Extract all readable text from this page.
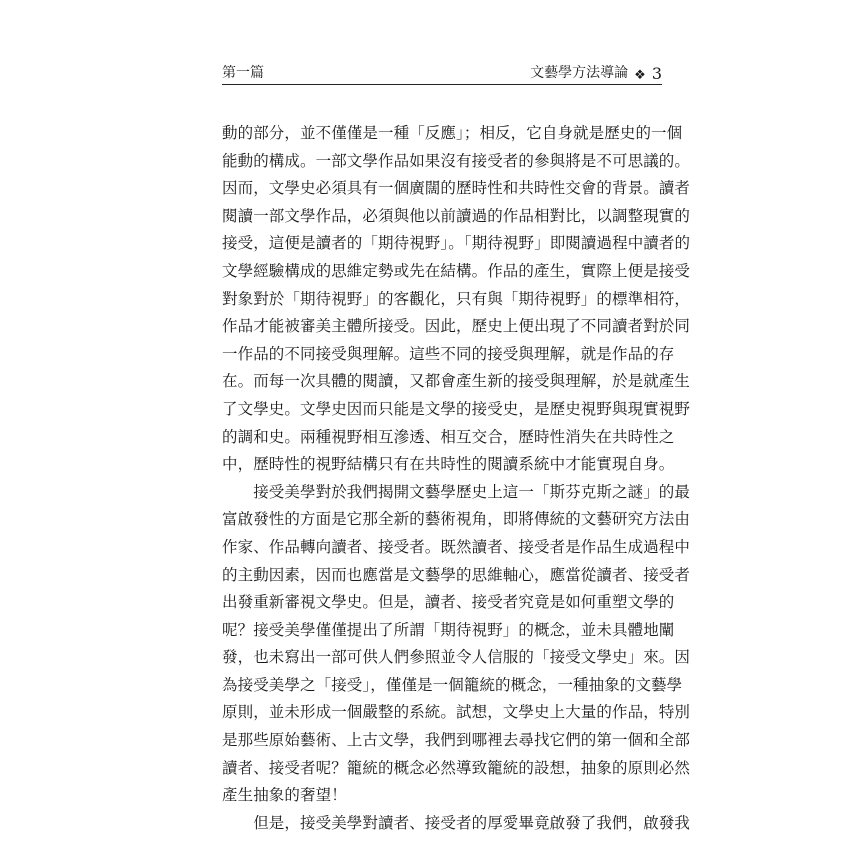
第一篇	文藝學方法導論 ❖ 3
動的部分，並不僅僅是一種「反應」；相反，它自身就是歷史的一個
能動的構成。一部文學作品如果沒有接受者的參與將是不可思議的。
因而，文學史必須具有一個廣闊的歷時性和共時性交會的背景。讀者
閱讀一部文學作品，必須與他以前讀過的作品相對比，以調整現實的
接受，這便是讀者的「期待視野」。「期待視野」即閱讀過程中讀者的
文學經驗構成的思維定勢或先在結構。作品的產生，實際上便是接受
對象對於「期待視野」的客觀化，只有與「期待視野」的標準相符，
作品才能被審美主體所接受。因此，歷史上便出現了不同讀者對於同
一作品的不同接受與理解。這些不同的接受與理解，就是作品的存
在。而每一次具體的閱讀，又都會產生新的接受與理解，於是就產生
了文學史。文學史因而只能是文學的接受史，是歷史視野與現實視野
的調和史。兩種視野相互滲透、相互交合，歷時性消失在共時性之
中，歷時性的視野結構只有在共時性的閱讀系統中才能實現自身。
　　接受美學對於我們揭開文藝學歷史上這一「斯芬克斯之謎」的最
富啟發性的方面是它那全新的藝術視角，即將傳統的文藝研究方法由
作家、作品轉向讀者、接受者。既然讀者、接受者是作品生成過程中
的主動因素，因而也應當是文藝學的思維軸心，應當從讀者、接受者
出發重新審視文學史。但是，讀者、接受者究竟是如何重塑文學的
呢？接受美學僅僅提出了所謂「期待視野」的概念，並未具體地闡
發，也未寫出一部可供人們參照並令人信服的「接受文學史」來。因
為接受美學之「接受」，僅僅是一個籠統的概念，一種抽象的文藝學
原則，並未形成一個嚴整的系統。試想，文學史上大量的作品，特別
是那些原始藝術、上古文學，我們到哪裡去尋找它們的第一個和全部
讀者、接受者呢？籠統的概念必然導致籠統的設想，抽象的原則必然
產生抽象的奢望！
　　但是，接受美學對讀者、接受者的厚愛畢竟啟發了我們，啟發我
